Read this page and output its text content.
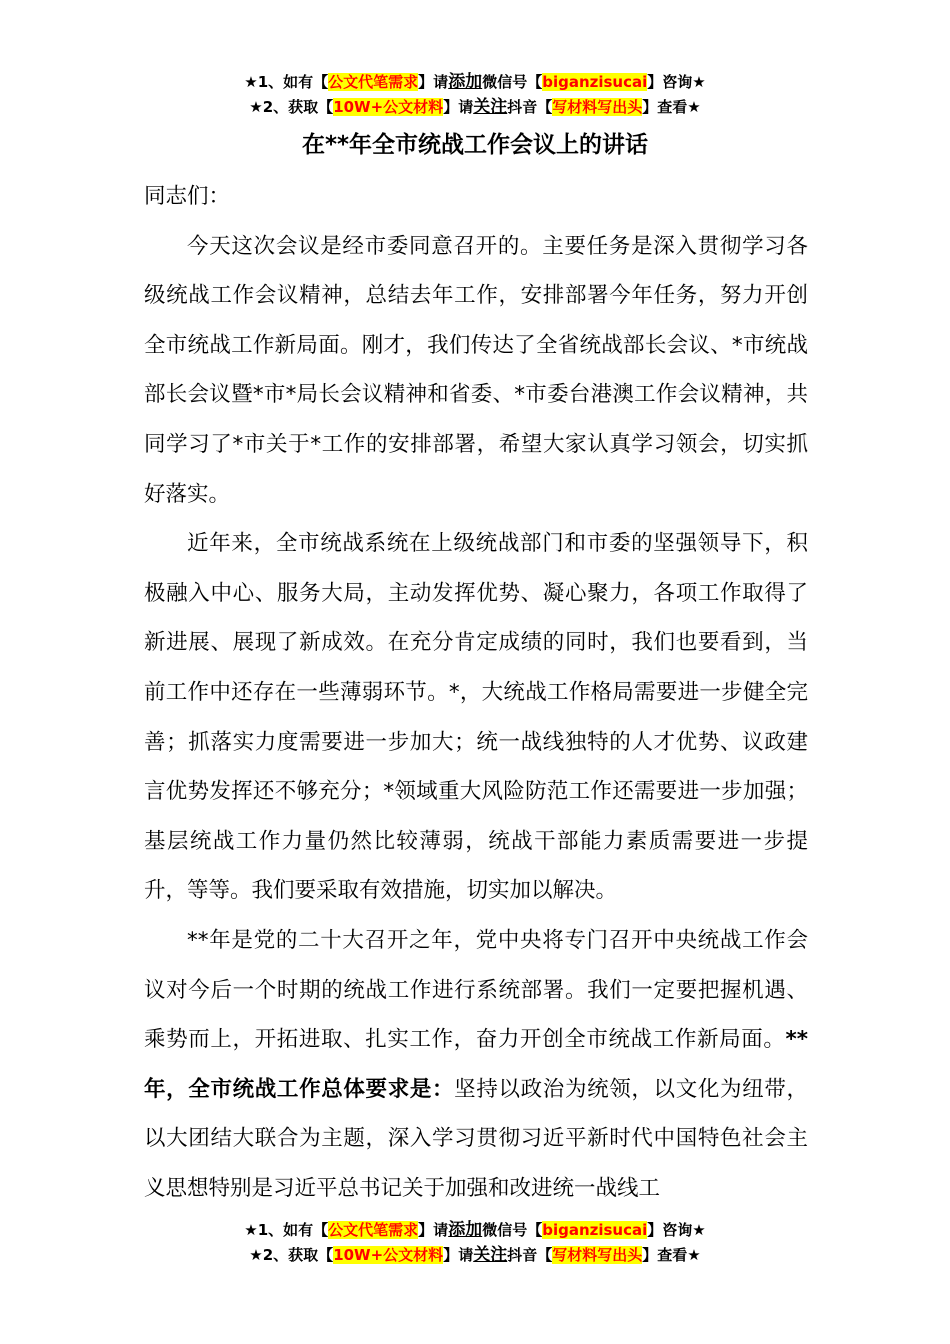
★1、如有【公文代笔需求】请添加微信号【biganzisucai】咨询★
★2、获取【10W+公文材料】请关注抖音【写材料写出头】查看★
在**年全市统战工作会议上的讲话

同志们：

今天这次会议是经市委同意召开的。主要任务是深入贯彻学习各级统战工作会议精神，总结去年工作，安排部署今年任务，努力开创全市统战工作新局面。刚才，我们传达了全省统战部长会议、*市统战部长会议暨*市*局长会议精神和省委、*市委台港澳工作会议精神，共同学习了*市关于*工作的安排部署，希望大家认真学习领会，切实抓好落实。

近年来，全市统战系统在上级统战部门和市委的坚强领导下，积极融入中心、服务大局，主动发挥优势、凝心聚力，各项工作取得了新进展、展现了新成效。在充分肯定成绩的同时，我们也要看到，当前工作中还存在一些薄弱环节。*，大统战工作格局需要进一步健全完善；抓落实力度需要进一步加大；统一战线独特的人才优势、议政建言优势发挥还不够充分；*领域重大风险防范工作还需要进一步加强；基层统战工作力量仍然比较薄弱，统战干部能力素质需要进一步提升，等等。我们要采取有效措施，切实加以解决。

**年是党的二十大召开之年，党中央将专门召开中央统战工作会议对今后一个时期的统战工作进行系统部署。我们一定要把握机遇、乘势而上，开拓进取、扎实工作，奋力开创全市统战工作新局面。**年，全市统战工作总体要求是：坚持以政治为统领，以文化为纽带，以大团结大联合为主题，深入学习贯彻习近平新时代中国特色社会主义思想特别是习近平总书记关于加强和改进统一战线工

★1、如有【公文代笔需求】请添加微信号【biganzisucai】咨询★
★2、获取【10W+公文材料】请关注抖音【写材料写出头】查看★
